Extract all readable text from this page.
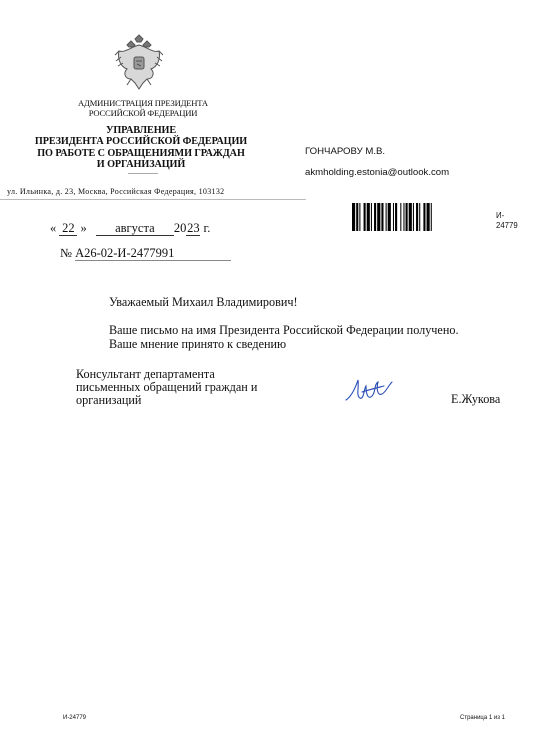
АДМИНИСТРАЦИЯ ПРЕЗИДЕНТА
РОССИЙСКОЙ ФЕДЕРАЦИИ
УПРАВЛЕНИЕ
ПРЕЗИДЕНТА РОССИЙСКОЙ ФЕДЕРАЦИИ
ПО РАБОТЕ С ОБРАЩЕНИЯМИ ГРАЖДАН
И ОРГАНИЗАЦИЙ
ул. Ильинка, д. 23, Москва, Российская Федерация, 103132
ГОНЧАРОВУ М.В.
akmholding.estonia@outlook.com
И-
24779
« 22 » августа 2023 г.
№ А26-02-И-2477991
Уважаемый Михаил Владимирович!
Ваше письмо на имя Президента Российской Федерации получено.
Ваше мнение принято к сведению
Консультант департамента
письменных обращений граждан и
организаций	Е.Жукова
И-24779	Страница 1 из 1
